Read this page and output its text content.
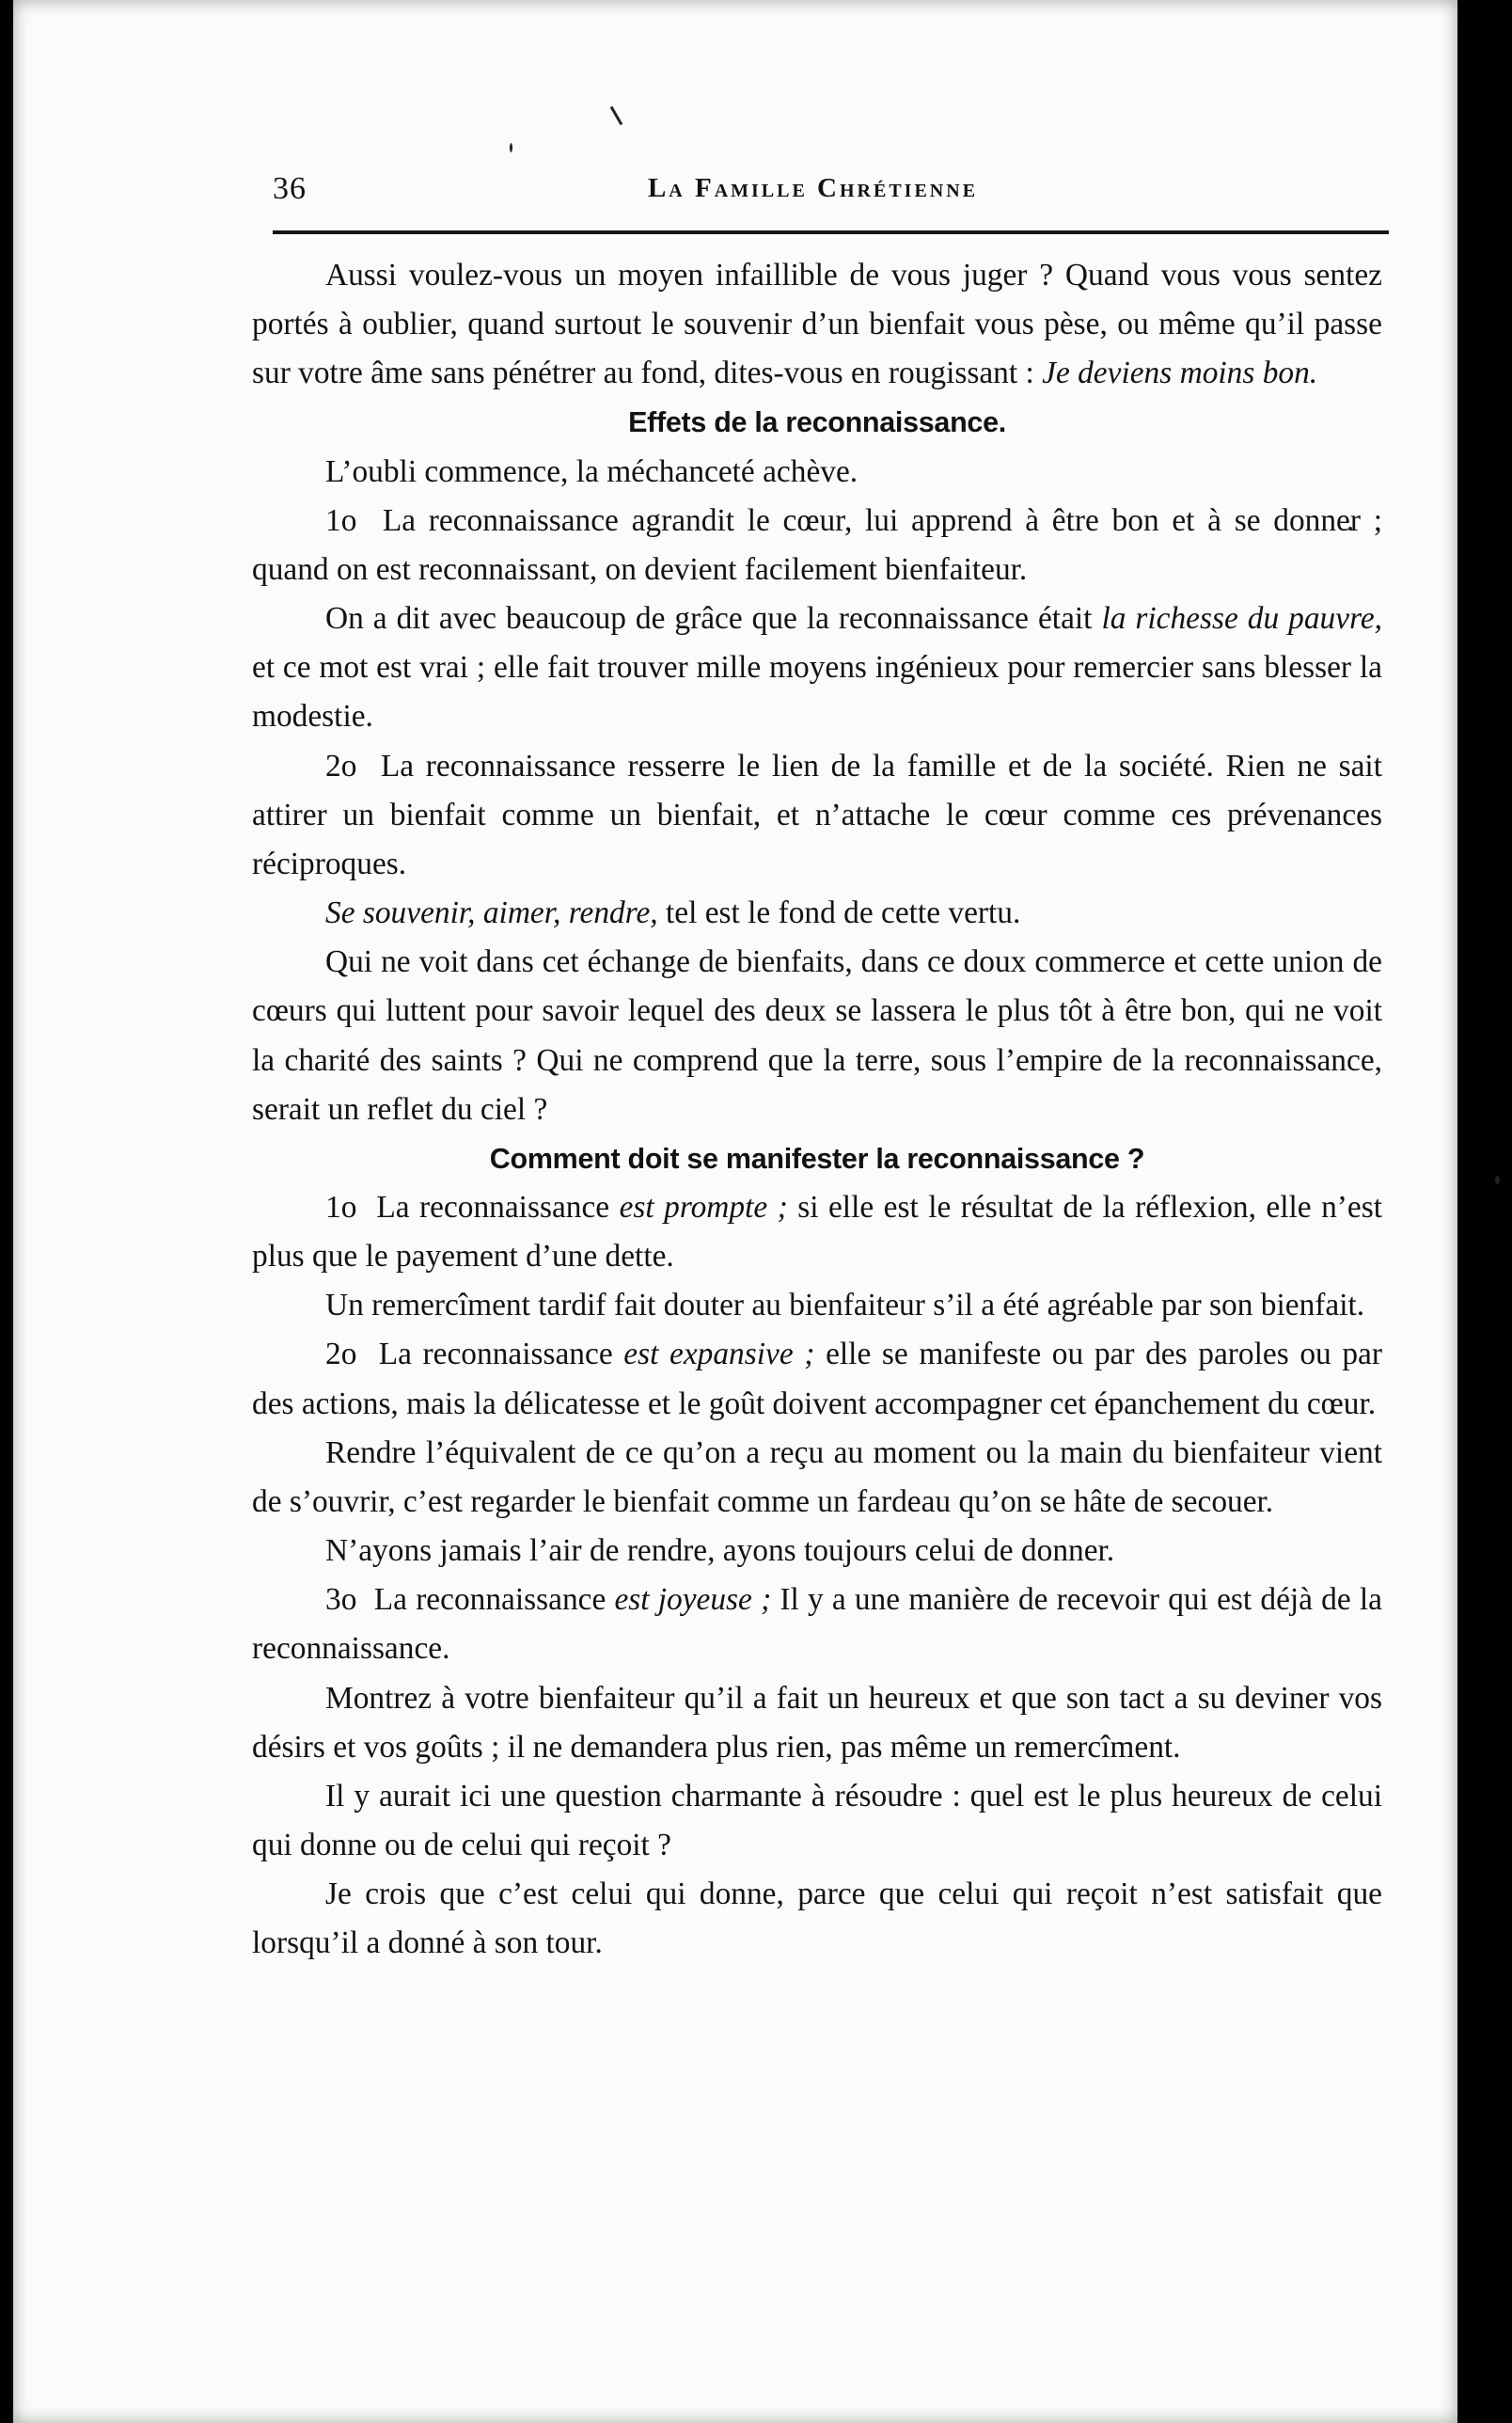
36	La Famille Chrétienne

Aussi voulez-vous un moyen infaillible de vous juger ? Quand vous vous sentez portés à oublier, quand surtout le souvenir d’un bienfait vous pèse, ou même qu’il passe sur votre âme sans pénétrer au fond, dites-vous en rougissant : Je deviens moins bon.

Effets de la reconnaissance.

L’oubli commence, la méchanceté achève.

1o La reconnaissance agrandit le cœur, lui apprend à être bon et à se donner ; quand on est reconnaissant, on devient facilement bienfaiteur.

On a dit avec beaucoup de grâce que la reconnaissance était la richesse du pauvre, et ce mot est vrai ; elle fait trouver mille moyens ingénieux pour remercier sans blesser la modestie.

2o La reconnaissance resserre le lien de la famille et de la société. Rien ne sait attirer un bienfait comme un bienfait, et n’attache le cœur comme ces prévenances réciproques.

Se souvenir, aimer, rendre, tel est le fond de cette vertu.

Qui ne voit dans cet échange de bienfaits, dans ce doux commerce et cette union de cœurs qui luttent pour savoir lequel des deux se lassera le plus tôt à être bon, qui ne voit la charité des saints ? Qui ne comprend que la terre, sous l’empire de la reconnaissance, serait un reflet du ciel ?

Comment doit se manifester la reconnaissance ?

1o La reconnaissance est prompte ; si elle est le résultat de la réflexion, elle n’est plus que le payement d’une dette.

Un remercîment tardif fait douter au bienfaiteur s’il a été agréable par son bienfait.

2o La reconnaissance est expansive ; elle se manifeste ou par des paroles ou par des actions, mais la délicatesse et le goût doivent accompagner cet épanchement du cœur.

Rendre l’équivalent de ce qu’on a reçu au moment ou la main du bienfaiteur vient de s’ouvrir, c’est regarder le bienfait comme un fardeau qu’on se hâte de secouer.

N’ayons jamais l’air de rendre, ayons toujours celui de donner.

3o La reconnaissance est joyeuse ; Il y a une manière de recevoir qui est déjà de la reconnaissance.

Montrez à votre bienfaiteur qu’il a fait un heureux et que son tact a su deviner vos désirs et vos goûts ; il ne demandera plus rien, pas même un remercîment.

Il y aurait ici une question charmante à résoudre : quel est le plus heureux de celui qui donne ou de celui qui reçoit ?

Je crois que c’est celui qui donne, parce que celui qui reçoit n’est satisfait que lorsqu’il a donné à son tour.
